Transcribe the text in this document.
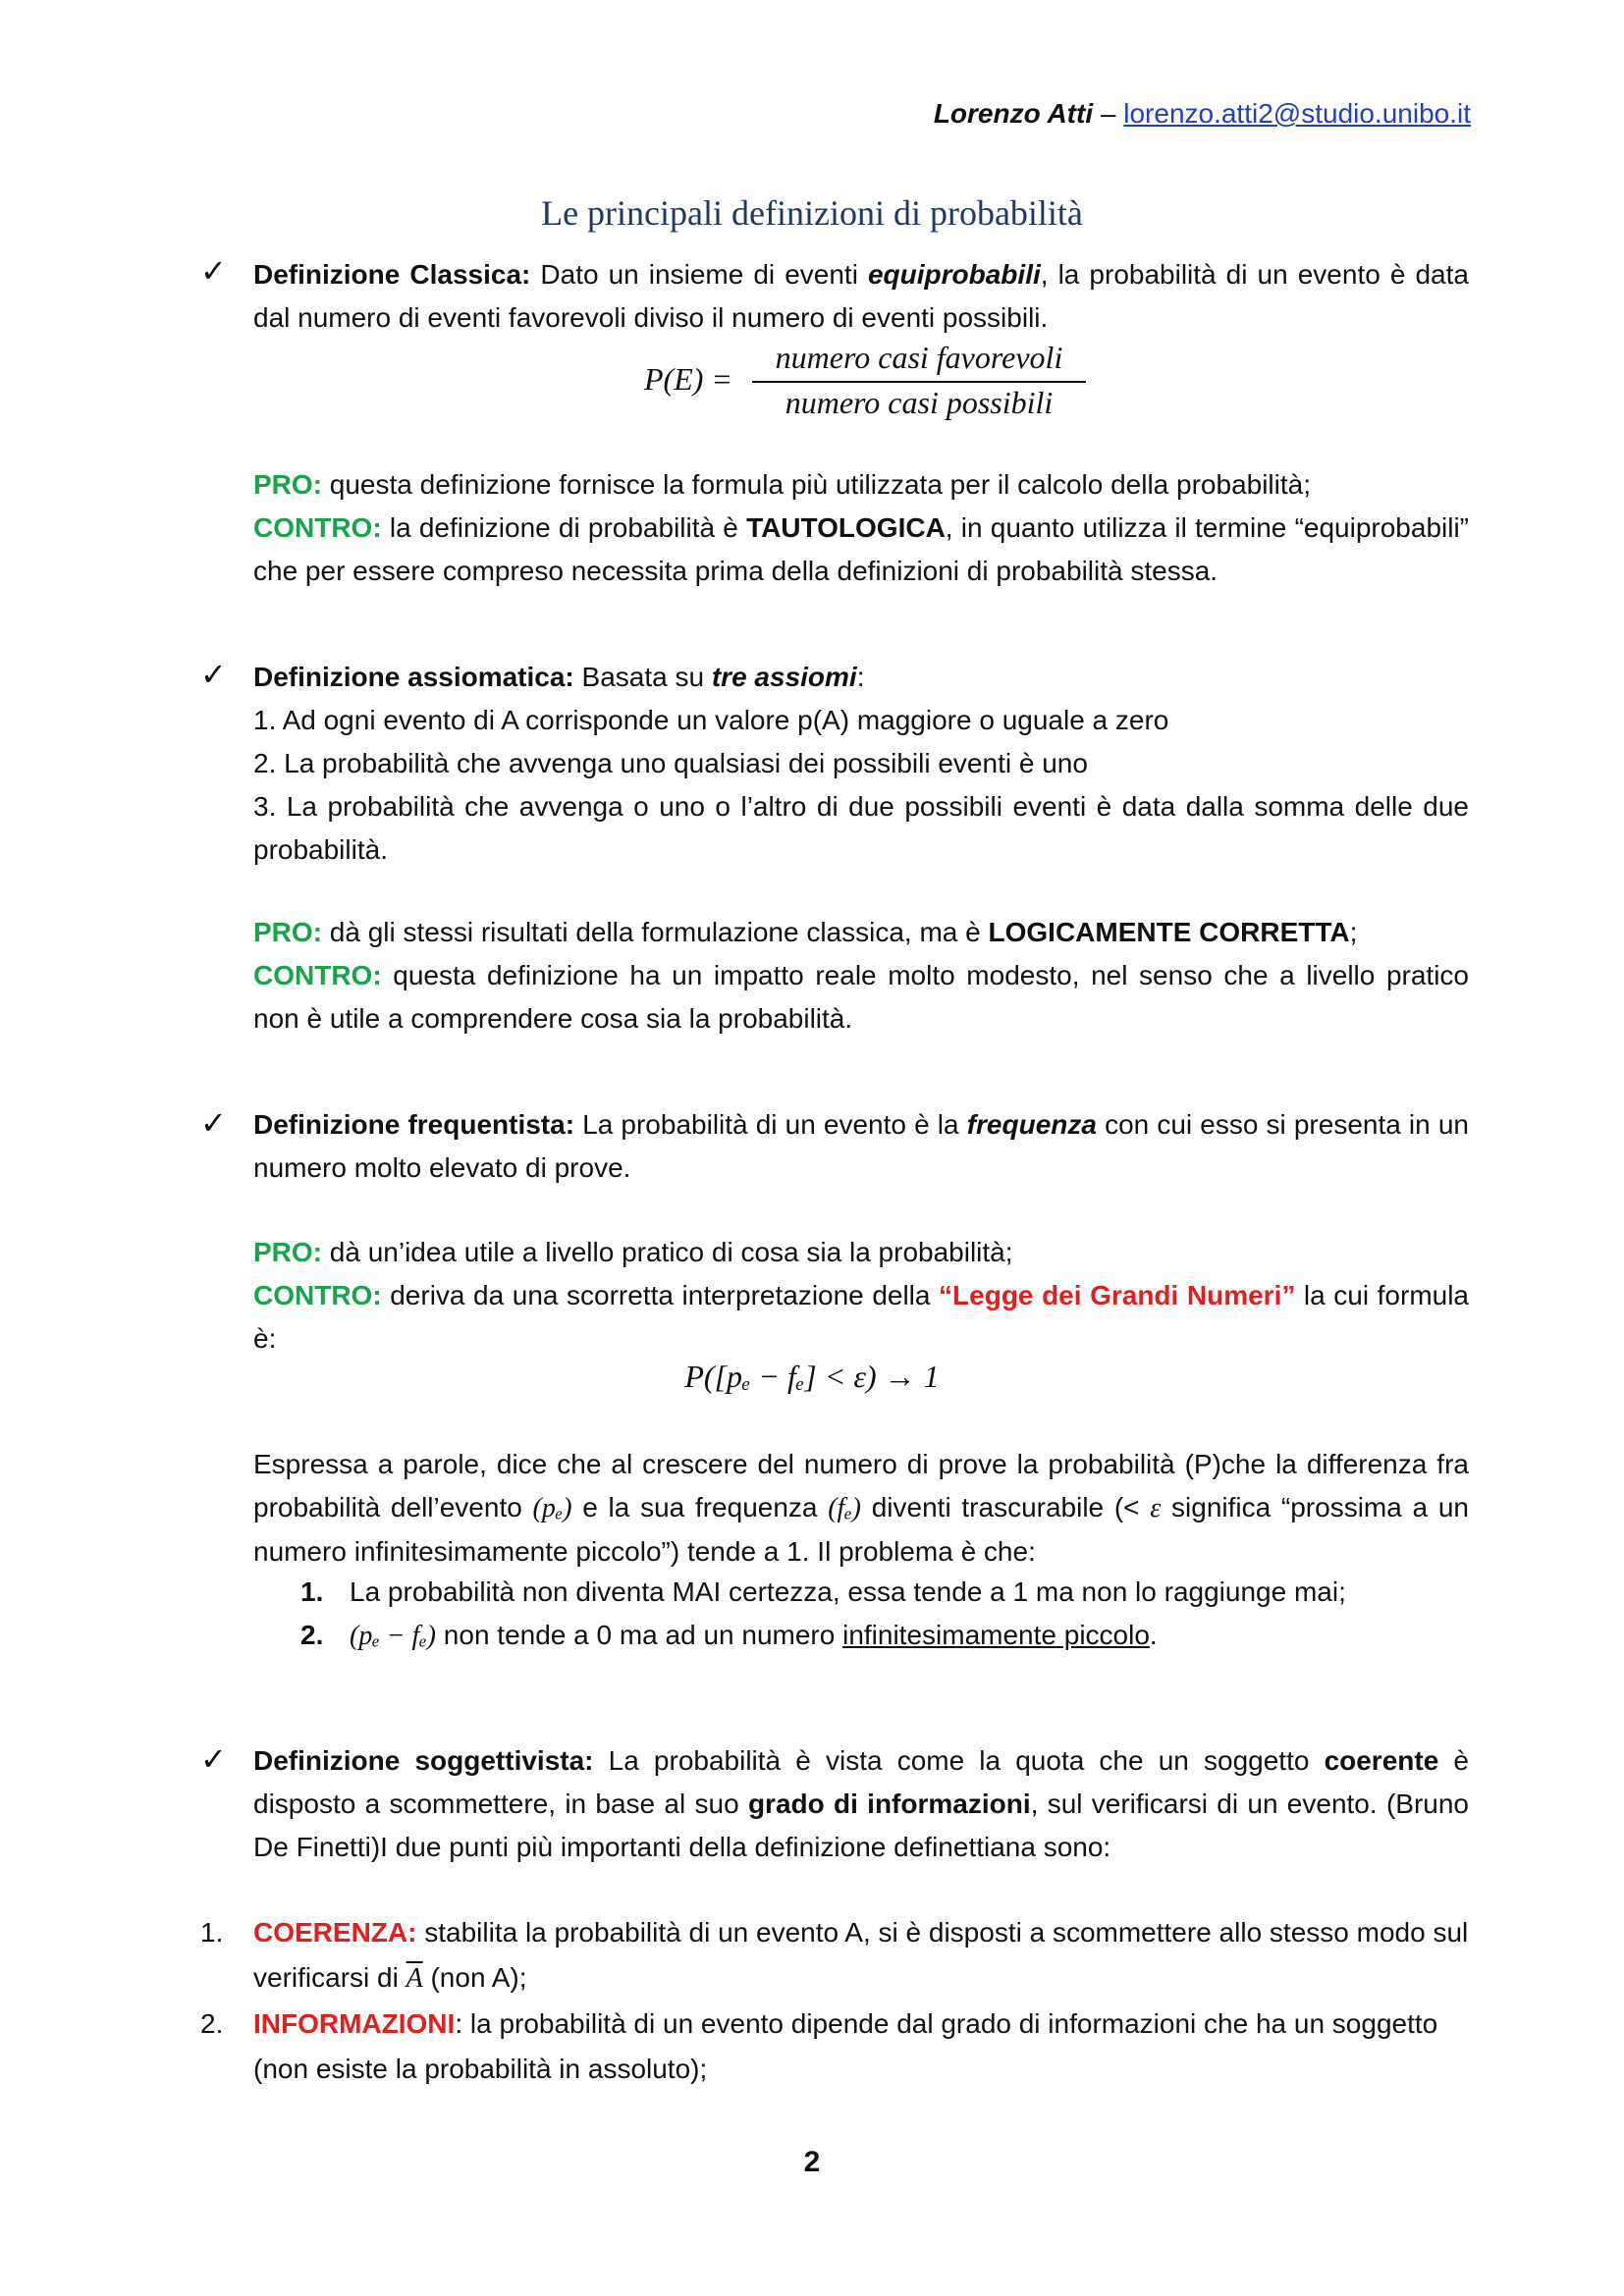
Lorenzo Atti – lorenzo.atti2@studio.unibo.it
Le principali definizioni di probabilità
✓ Definizione Classica: Dato un insieme di eventi equiprobabili, la probabilità di un evento è data dal numero di eventi favorevoli diviso il numero di eventi possibili.
P(E) =
numero casi favorevoli
numero casi possibili
PRO: questa definizione fornisce la formula più utilizzata per il calcolo della probabilità;
CONTRO: la definizione di probabilità è TAUTOLOGICA, in quanto utilizza il termine “equiprobabili” che per essere compreso necessita prima della definizioni di probabilità stessa.
✓ Definizione assiomatica: Basata su tre assiomi:
1. Ad ogni evento di A corrisponde un valore p(A) maggiore o uguale a zero
2. La probabilità che avvenga uno qualsiasi dei possibili eventi è uno
3. La probabilità che avvenga o uno o l’altro di due possibili eventi è data dalla somma delle due probabilità.
PRO: dà gli stessi risultati della formulazione classica, ma è LOGICAMENTE CORRETTA;
CONTRO: questa definizione ha un impatto reale molto modesto, nel senso che a livello pratico non è utile a comprendere cosa sia la probabilità.
✓ Definizione frequentista: La probabilità di un evento è la frequenza con cui esso si presenta in un numero molto elevato di prove.
PRO: dà un’idea utile a livello pratico di cosa sia la probabilità;
CONTRO: deriva da una scorretta interpretazione della “Legge dei Grandi Numeri” la cui formula è:
P([pₑ − fₑ] < ε) → 1
Espressa a parole, dice che al crescere del numero di prove la probabilità (P)che la differenza fra probabilità dell’evento (pₑ) e la sua frequenza (fₑ) diventi trascurabile (< ε significa “prossima a un numero infinitesimamente piccolo”) tende a 1. Il problema è che:
1. La probabilità non diventa MAI certezza, essa tende a 1 ma non lo raggiunge mai;
2. (pₑ − fₑ) non tende a 0 ma ad un numero infinitesimamente piccolo.
✓ Definizione soggettivista: La probabilità è vista come la quota che un soggetto coerente è disposto a scommettere, in base al suo grado di informazioni, sul verificarsi di un evento. (Bruno De Finetti)I due punti più importanti della definizione definettiana sono:
1. COERENZA: stabilita la probabilità di un evento A, si è disposti a scommettere allo stesso modo sul verificarsi di $\overline{A}$ (non A);
2. INFORMAZIONI: la probabilità di un evento dipende dal grado di informazioni che ha un soggetto (non esiste la probabilità in assoluto);
2
